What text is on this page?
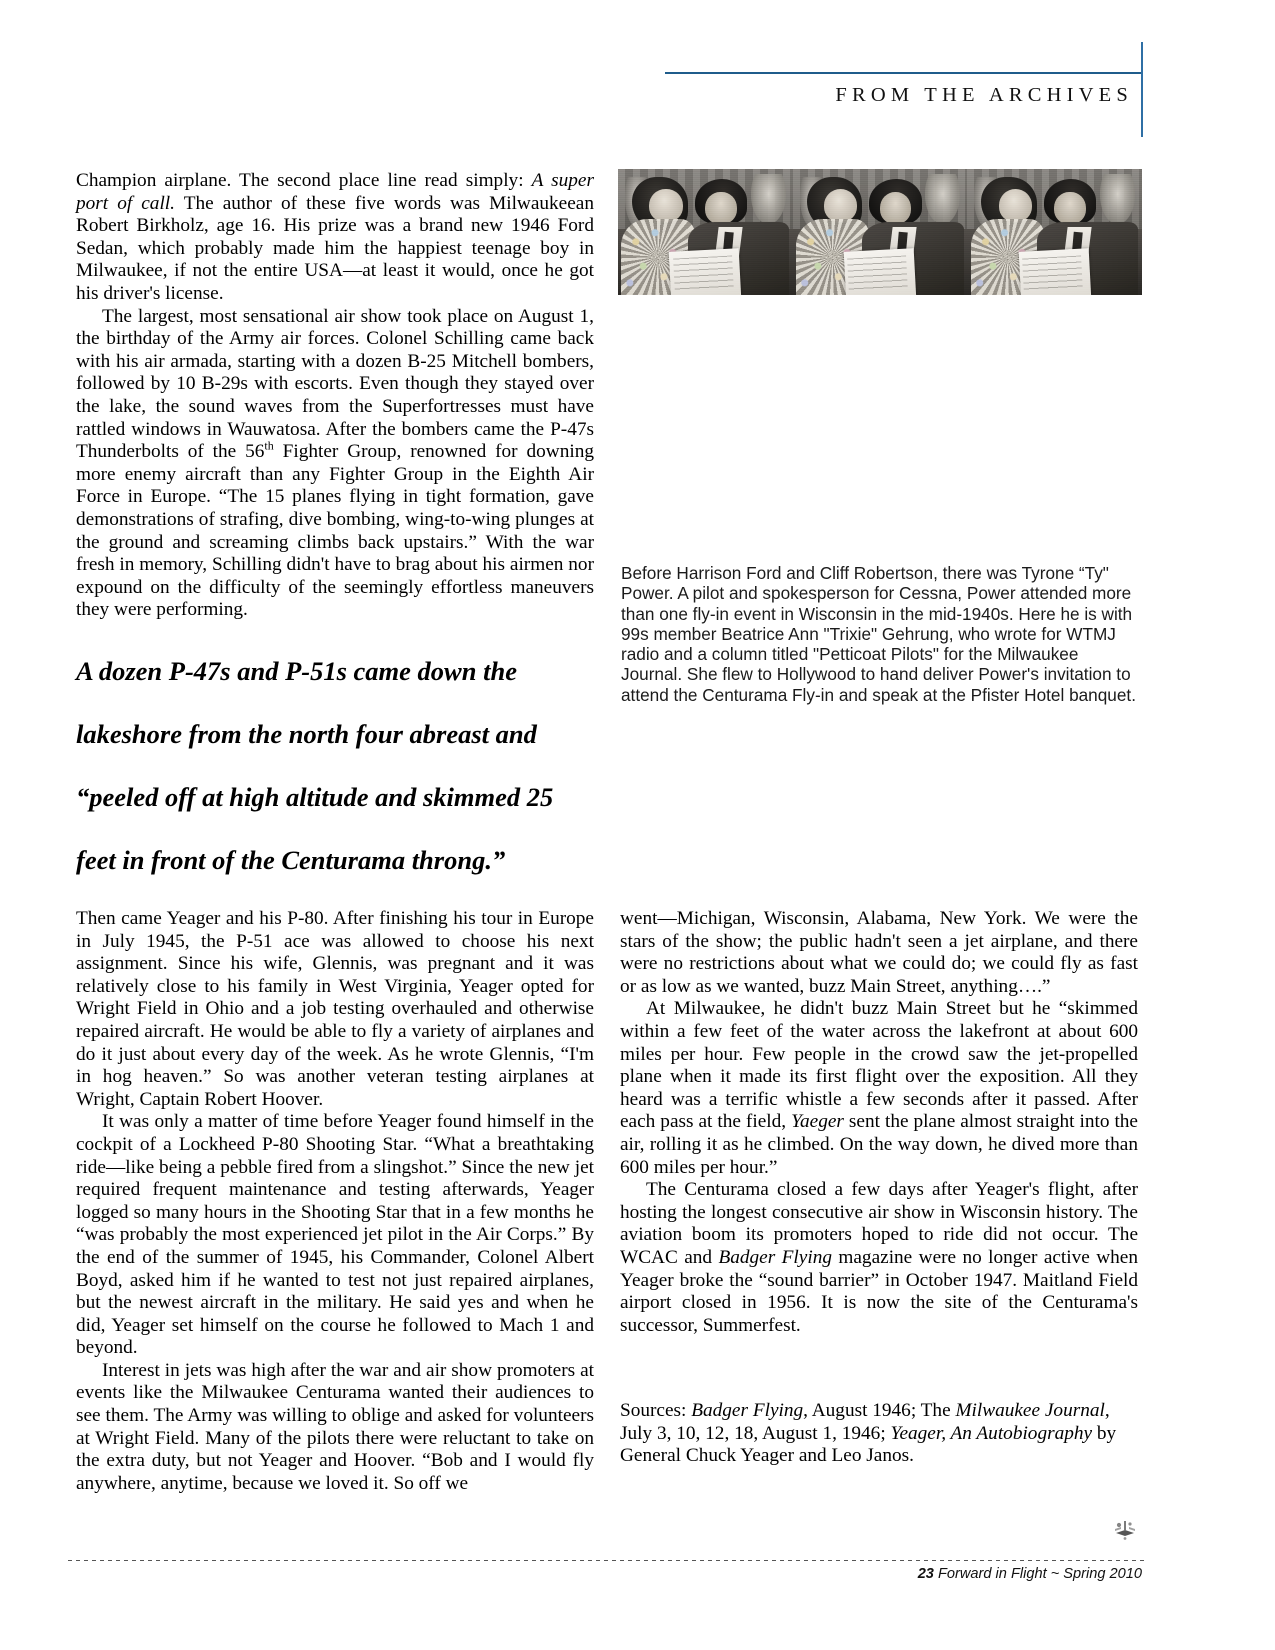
FROM THE ARCHIVES

Champion airplane. The second place line read simply: A super port of call. The author of these five words was Milwaukeean Robert Birkholz, age 16. His prize was a brand new 1946 Ford Sedan, which probably made him the happiest teenage boy in Milwaukee, if not the entire USA—at least it would, once he got his driver's license.

The largest, most sensational air show took place on August 1, the birthday of the Army air forces. Colonel Schilling came back with his air armada, starting with a dozen B-25 Mitchell bombers, followed by 10 B-29s with escorts. Even though they stayed over the lake, the sound waves from the Superfortresses must have rattled windows in Wauwatosa. After the bombers came the P-47s Thunderbolts of the 56th Fighter Group, renowned for downing more enemy aircraft than any Fighter Group in the Eighth Air Force in Europe. “The 15 planes flying in tight formation, gave demonstrations of strafing, dive bombing, wing-to-wing plunges at the ground and screaming climbs back upstairs.” With the war fresh in memory, Schilling didn't have to brag about his airmen nor expound on the difficulty of the seemingly effortless maneuvers they were performing.

A dozen P-47s and P-51s came down the
lakeshore from the north four abreast and
“peeled off at high altitude and skimmed 25
feet in front of the Centurama throng.”
Before Harrison Ford and Cliff Robertson, there was Tyrone “Ty" Power. A pilot and spokesperson for Cessna, Power attended more than one fly-in event in Wisconsin in the mid-1940s. Here he is with 99s member Beatrice Ann "Trixie" Gehrung, who wrote for WTMJ radio and a column titled "Petticoat Pilots" for the Milwaukee Journal. She flew to Hollywood to hand deliver Power's invitation to attend the Centurama Fly-in and speak at the Pfister Hotel banquet.

Then came Yeager and his P-80. After finishing his tour in Europe in July 1945, the P-51 ace was allowed to choose his next assignment. Since his wife, Glennis, was pregnant and it was relatively close to his family in West Virginia, Yeager opted for Wright Field in Ohio and a job testing overhauled and otherwise repaired aircraft. He would be able to fly a variety of airplanes and do it just about every day of the week. As he wrote Glennis, “I'm in hog heaven.” So was another veteran testing airplanes at Wright, Captain Robert Hoover.

It was only a matter of time before Yeager found himself in the cockpit of a Lockheed P-80 Shooting Star. “What a breathtaking ride—like being a pebble fired from a slingshot.” Since the new jet required frequent maintenance and testing afterwards, Yeager logged so many hours in the Shooting Star that in a few months he “was probably the most experienced jet pilot in the Air Corps.” By the end of the summer of 1945, his Commander, Colonel Albert Boyd, asked him if he wanted to test not just repaired airplanes, but the newest aircraft in the military. He said yes and when he did, Yeager set himself on the course he followed to Mach 1 and beyond.

Interest in jets was high after the war and air show promoters at events like the Milwaukee Centurama wanted their audiences to see them. The Army was willing to oblige and asked for volunteers at Wright Field. Many of the pilots there were reluctant to take on the extra duty, but not Yeager and Hoover. “Bob and I would fly anywhere, anytime, because we loved it. So off we

went—Michigan, Wisconsin, Alabama, New York. We were the stars of the show; the public hadn't seen a jet airplane, and there were no restrictions about what we could do; we could fly as fast or as low as we wanted, buzz Main Street, anything….”

At Milwaukee, he didn't buzz Main Street but he “skimmed within a few feet of the water across the lakefront at about 600 miles per hour. Few people in the crowd saw the jet-propelled plane when it made its first flight over the exposition. All they heard was a terrific whistle a few seconds after it passed. After each pass at the field, Yaeger sent the plane almost straight into the air, rolling it as he climbed. On the way down, he dived more than 600 miles per hour.”

The Centurama closed a few days after Yeager's flight, after hosting the longest consecutive air show in Wisconsin history. The aviation boom its promoters hoped to ride did not occur. The WCAC and Badger Flying magazine were no longer active when Yeager broke the “sound barrier” in October 1947. Maitland Field airport closed in 1956. It is now the site of the Centurama's successor, Summerfest.

Sources: Badger Flying, August 1946; The Milwaukee Journal, July 3, 10, 12, 18, August 1, 1946; Yeager, An Autobiography by General Chuck Yeager and Leo Janos.
23 Forward in Flight ~ Spring 2010
